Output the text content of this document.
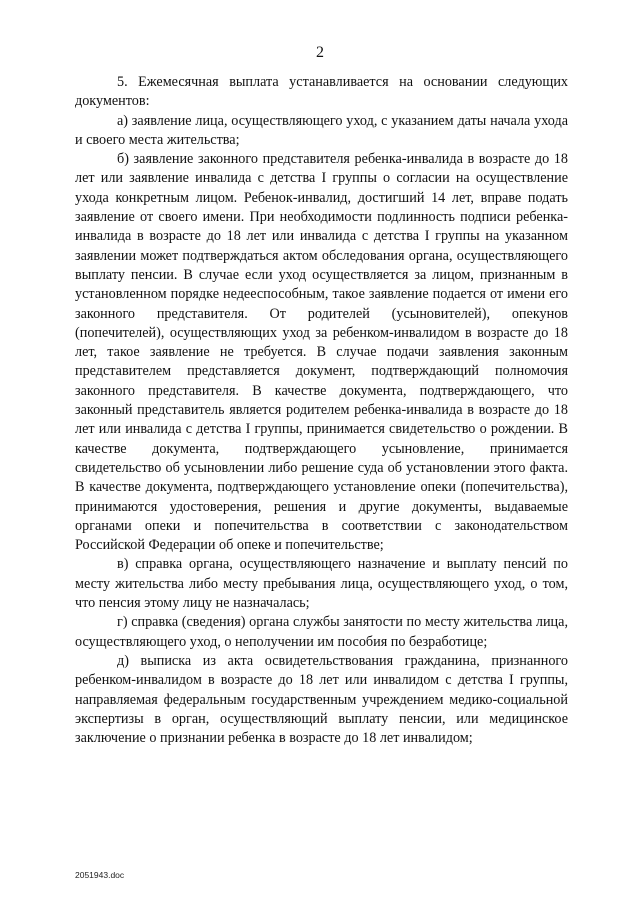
2

5. Ежемесячная выплата устанавливается на основании следующих документов:

а) заявление лица, осуществляющего уход, с указанием даты начала ухода и своего места жительства;

б) заявление законного представителя ребенка-инвалида в возрасте до 18 лет или заявление инвалида с детства I группы о согласии на осуществление ухода конкретным лицом. Ребенок-инвалид, достигший 14 лет, вправе подать заявление от своего имени. При необходимости подлинность подписи ребенка-инвалида в возрасте до 18 лет или инвалида с детства I группы на указанном заявлении может подтверждаться актом обследования органа, осуществляющего выплату пенсии. В случае если уход осуществляется за лицом, признанным в установленном порядке недееспособным, такое заявление подается от имени его законного представителя. От родителей (усыновителей), опекунов (попечителей), осуществляющих уход за ребенком-инвалидом в возрасте до 18 лет, такое заявление не требуется. В случае подачи заявления законным представителем представляется документ, подтверждающий полномочия законного представителя. В качестве документа, подтверждающего, что законный представитель является родителем ребенка-инвалида в возрасте до 18 лет или инвалида с детства I группы, принимается свидетельство о рождении. В качестве документа, подтверждающего усыновление, принимается свидетельство об усыновлении либо решение суда об установлении этого факта. В качестве документа, подтверждающего установление опеки (попечительства), принимаются удостоверения, решения и другие документы, выдаваемые органами опеки и попечительства в соответствии с законодательством Российской Федерации об опеке и попечительстве;

в) справка органа, осуществляющего назначение и выплату пенсий по месту жительства либо месту пребывания лица, осуществляющего уход, о том, что пенсия этому лицу не назначалась;

г) справка (сведения) органа службы занятости по месту жительства лица, осуществляющего уход, о неполучении им пособия по безработице;

д) выписка из акта освидетельствования гражданина, признанного ребенком-инвалидом в возрасте до 18 лет или инвалидом с детства I группы, направляемая федеральным государственным учреждением медико-социальной экспертизы в орган, осуществляющий выплату пенсии, или медицинское заключение о признании ребенка в возрасте до 18 лет инвалидом;

2051943.doc
